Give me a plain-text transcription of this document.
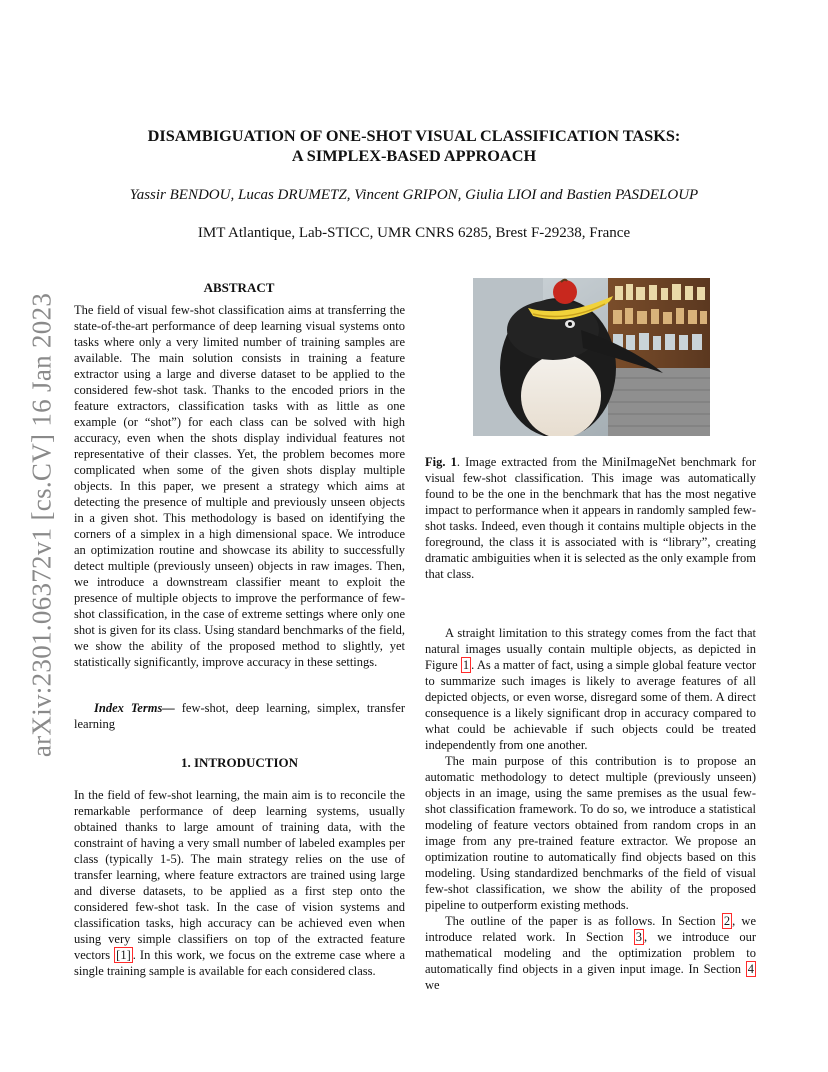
arXiv:2301.06372v1 [cs.CV] 16 Jan 2023
DISAMBIGUATION OF ONE-SHOT VISUAL CLASSIFICATION TASKS:
A SIMPLEX-BASED APPROACH
Yassir BENDOU, Lucas DRUMETZ, Vincent GRIPON, Giulia LIOI and Bastien PASDELOUP
IMT Atlantique, Lab-STICC, UMR CNRS 6285, Brest F-29238, France
ABSTRACT

The field of visual few-shot classification aims at transferring the state-of-the-art performance of deep learning visual systems onto tasks where only a very limited number of training samples are available. The main solution consists in training a feature extractor using a large and diverse dataset to be applied to the considered few-shot task. Thanks to the encoded priors in the feature extractors, classification tasks with as little as one example (or “shot”) for each class can be solved with high accuracy, even when the shots display individual features not representative of their classes. Yet, the problem becomes more complicated when some of the given shots display multiple objects. In this paper, we present a strategy which aims at detecting the presence of multiple and previously unseen objects in a given shot. This methodology is based on identifying the corners of a simplex in a high dimensional space. We introduce an optimization routine and showcase its ability to successfully detect multiple (previously unseen) objects in raw images. Then, we introduce a downstream classifier meant to exploit the presence of multiple objects to improve the performance of few-shot classification, in the case of extreme settings where only one shot is given for its class. Using standard benchmarks of the field, we show the ability of the proposed method to slightly, yet statistically significantly, improve accuracy in these settings.

Index Terms— few-shot, deep learning, simplex, transfer learning

1. INTRODUCTION

In the field of few-shot learning, the main aim is to reconcile the remarkable performance of deep learning systems, usually obtained thanks to large amount of training data, with the constraint of having a very small number of labeled examples per class (typically 1-5). The main strategy relies on the use of transfer learning, where feature extractors are trained using large and diverse datasets, to be applied as a first step onto the considered few-shot task. In the case of vision systems and classification tasks, high accuracy can be achieved even when using very simple classifiers on top of the extracted feature vectors [1] . In this work, we focus on the extreme case where a single training sample is available for each considered class.

Fig. 1. Image extracted from the MiniImageNet benchmark for visual few-shot classification. This image was automatically found to be the one in the benchmark that has the most negative impact to performance when it appears in randomly sampled few-shot tasks. Indeed, even though it contains multiple objects in the foreground, the class it is associated with is “library”, creating dramatic ambiguities when it is selected as the only example from that class.

A straight limitation to this strategy comes from the fact that natural images usually contain multiple objects, as depicted in Figure 1 . As a matter of fact, using a simple global feature vector to summarize such images is likely to average features of all depicted objects, or even worse, disregard some of them. A direct consequence is a likely significant drop in accuracy compared to what could be achievable if such objects could be treated independently from one another.

The main purpose of this contribution is to propose an automatic methodology to detect multiple (previously unseen) objects in an image, using the same premises as the usual few-shot classification framework. To do so, we introduce a statistical modeling of feature vectors obtained from random crops in an image from any pre-trained feature extractor. We propose an optimization routine to automatically find objects based on this modeling. Using standardized benchmarks of the field of visual few-shot classification, we show the ability of the proposed pipeline to outperform existing methods.

The outline of the paper is as follows. In Section 2 , we introduce related work. In Section 3 , we introduce our mathematical modeling and the optimization problem to automatically find objects in a given input image. In Section 4 we
